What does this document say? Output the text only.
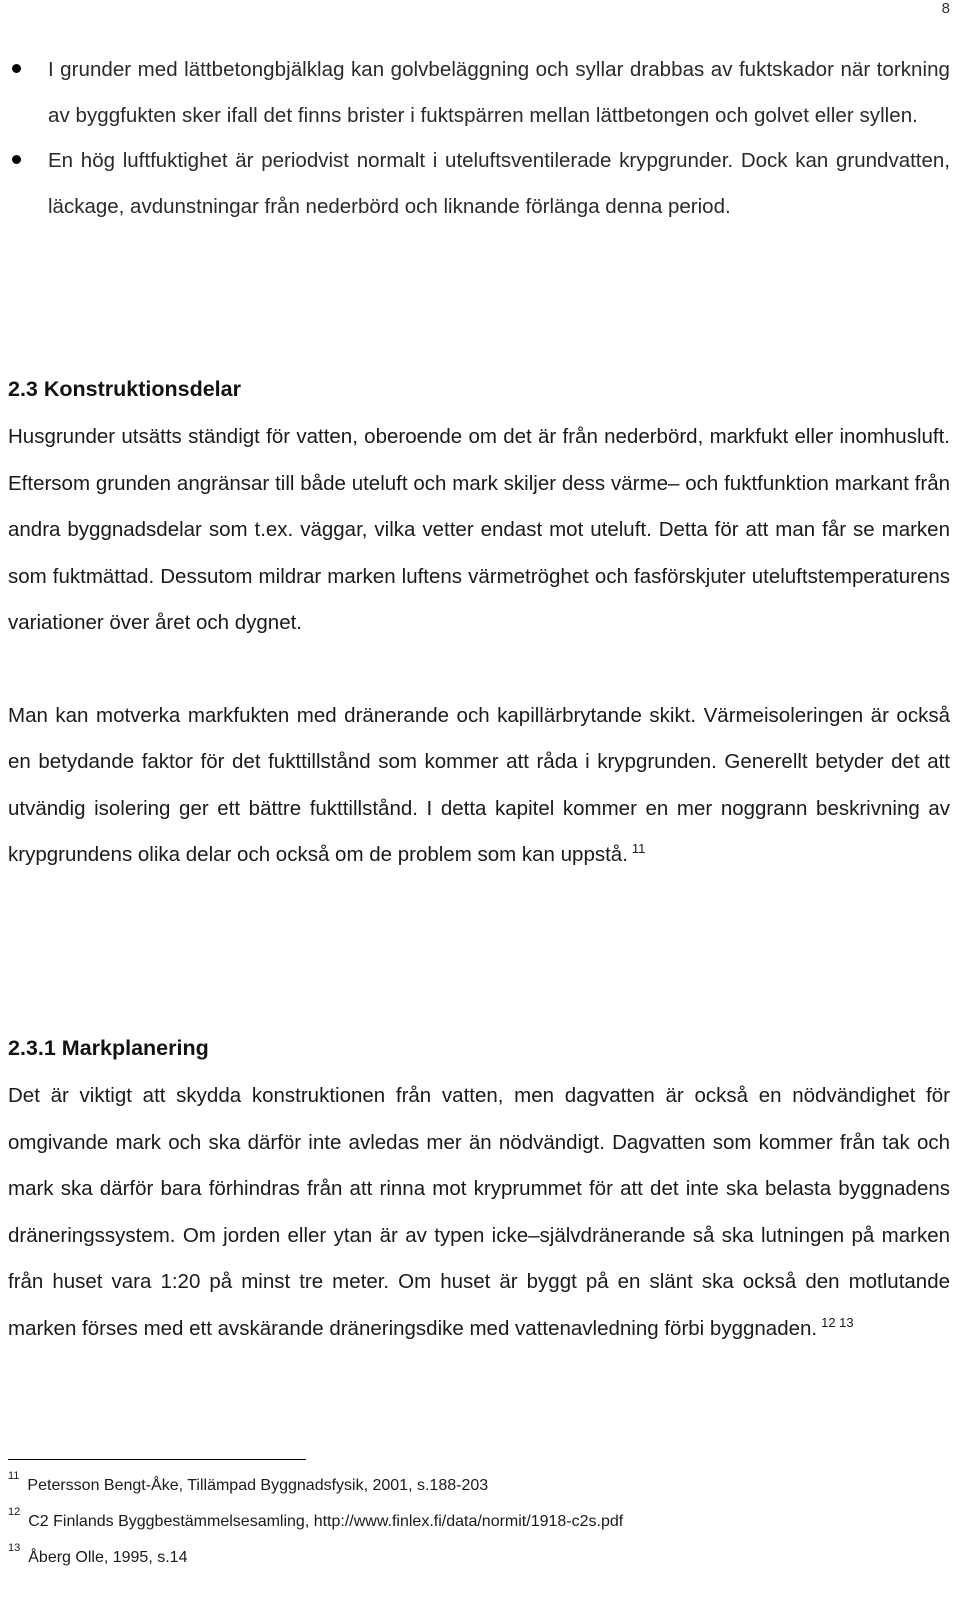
8
I grunder med lättbetongbjälklag kan golvbeläggning och syllar drabbas av fuktskador när torkning av byggfukten sker ifall det finns brister i fuktspärren mellan lättbetongen och golvet eller syllen.
En hög luftfuktighet är periodvist normalt i uteluftsventilerade krypgrunder. Dock kan grundvatten, läckage, avdunstningar från nederbörd och liknande förlänga denna period.
2.3 Konstruktionsdelar

Husgrunder utsätts ständigt för vatten, oberoende om det är från nederbörd, markfukt eller inomhusluft. Eftersom grunden angränsar till både uteluft och mark skiljer dess värme– och fuktfunktion markant från andra byggnadsdelar som t.ex. väggar, vilka vetter endast mot uteluft. Detta för att man får se marken som fuktmättad. Dessutom mildrar marken luftens värmetröghet och fasförskjuter uteluftstemperaturens variationer över året och dygnet.

Man kan motverka markfukten med dränerande och kapillärbrytande skikt. Värmeisoleringen är också en betydande faktor för det fukttillstånd som kommer att råda i krypgrunden. Generellt betyder det att utvändig isolering ger ett bättre fukttillstånd. I detta kapitel kommer en mer noggrann beskrivning av krypgrundens olika delar och också om de problem som kan uppstå. $^{11}$

2.3.1 Markplanering

Det är viktigt att skydda konstruktionen från vatten, men dagvatten är också en nödvändighet för omgivande mark och ska därför inte avledas mer än nödvändigt. Dagvatten som kommer från tak och mark ska därför bara förhindras från att rinna mot kryprummet för att det inte ska belasta byggnadens dräneringssystem. Om jorden eller ytan är av typen icke–självdränerande så ska lutningen på marken från huset vara 1:20 på minst tre meter. Om huset är byggt på en slänt ska också den motlutande marken förses med ett avskärande dräneringsdike med vattenavledning förbi byggnaden. $^{12 13}$

$^{11}$Petersson Bengt-Åke, Tillämpad Byggnadsfysik, 2001, s.188-203
$^{12}$C2 Finlands Byggbestämmelsesamling, http://www.finlex.fi/data/normit/1918-c2s.pdf
$^{13}$Åberg Olle, 1995, s.14
